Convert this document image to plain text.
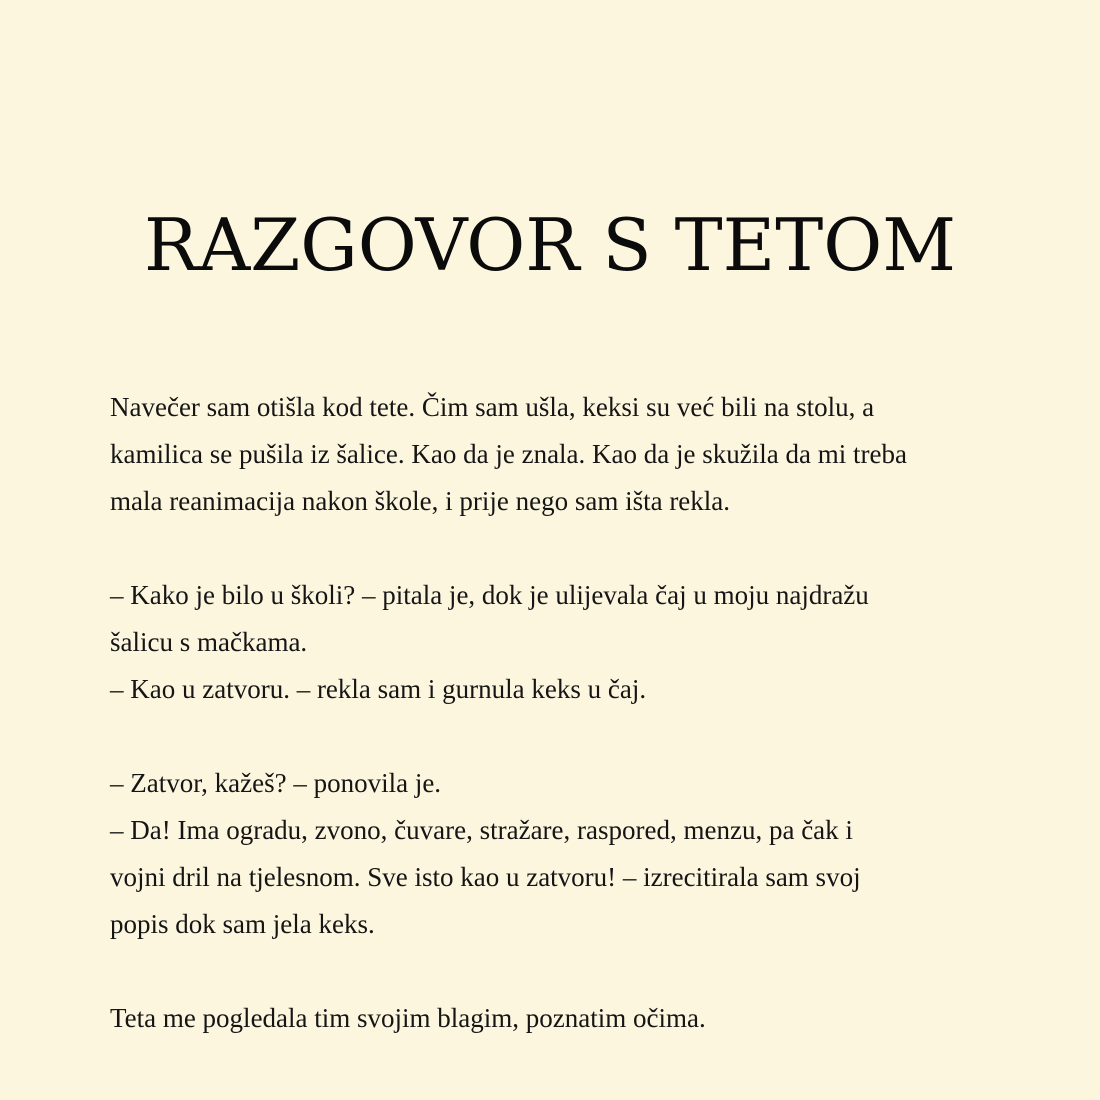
RAZGOVOR S TETOM

Navečer sam otišla kod tete. Čim sam ušla, keksi su već bili na stolu, a

kamilica se pušila iz šalice. Kao da je znala. Kao da je skužila da mi treba

mala reanimacija nakon škole, i prije nego sam išta rekla.

– Kako je bilo u školi? – pitala je, dok je ulijevala čaj u moju najdražu

šalicu s mačkama.

– Kao u zatvoru. – rekla sam i gurnula keks u čaj.

– Zatvor, kažeš? – ponovila je.

– Da! Ima ogradu, zvono, čuvare, stražare, raspored, menzu, pa čak i

vojni dril na tjelesnom. Sve isto kao u zatvoru! – izrecitirala sam svoj

popis dok sam jela keks.

Teta me pogledala tim svojim blagim, poznatim očima.
